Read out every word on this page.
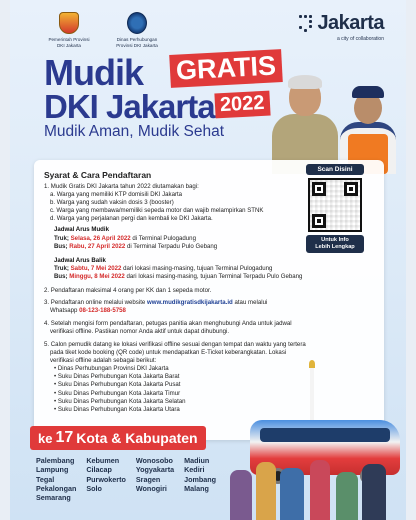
Pemerintah Provinsi
DKI Jakarta
Dinas Perhubungan
Provinsi DKI Jakarta
Jakarta
a city of collaboration
Mudik GRATIS
DKI Jakarta 2022
Mudik Aman, Mudik Sehat
Syarat & Cara Pendaftaran
1. Mudik Gratis DKI Jakarta tahun 2022 diutamakan bagi:
a. Warga yang memiliki KTP domisili DKI Jakarta
b. Warga yang sudah vaksin dosis 3 (booster)
c. Warga yang membawa/memiliki sepeda motor dan wajib melampirkan STNK
d. Warga yang perjalanan pergi dan kembali ke DKI Jakarta.
Jadwal Arus Mudik
Truk; Selasa, 26 April 2022 di Terminal Pulogadung
Bus; Rabu, 27 April 2022 di Terminal Terpadu Pulo Gebang
Jadwal Arus Balik
Truk; Sabtu, 7 Mei 2022 dari lokasi masing-masing, tujuan Terminal Pulogadung
Bus; Minggu, 8 Mei 2022 dari lokasi masing-masing, tujuan Terminal Terpadu Pulo Gebang
2. Pendaftaran maksimal 4 orang per KK dan 1 sepeda motor.
3. Pendaftaran online melalui website www.mudikgratisdkijakarta.id atau melalui
Whatsapp 08-123-188-5758
4. Setelah mengisi form pendaftaran, petugas panitia akan menghubungi Anda untuk jadwal
verifikasi offline. Pastikan nomor Anda aktif untuk dapat dihubungi.
5. Calon pemudik datang ke lokasi verifikasi offline sesuai dengan tempat dan waktu yang tertera
pada tiket kode booking (QR code) untuk mendapatkan E-Ticket keberangkatan. Lokasi
verifikasi offline adalah sebagai berikut:
• Dinas Perhubungan Provinsi DKI Jakarta
• Suku Dinas Perhubungan Kota Jakarta Barat
• Suku Dinas Perhubungan Kota Jakarta Pusat
• Suku Dinas Perhubungan Kota Jakarta Timur
• Suku Dinas Perhubungan Kota Jakarta Selatan
• Suku Dinas Perhubungan Kota Jakarta Utara
Scan Disini
Untuk Info
Lebih Lengkap
ke 17 Kota & Kabupaten
Palembang
Lampung
Tegal
Pekalongan
Semarang
Kebumen
Cilacap
Purwokerto
Solo
Wonosobo
Yogyakarta
Sragen
Wonogiri
Madiun
Kediri
Jombang
Malang
